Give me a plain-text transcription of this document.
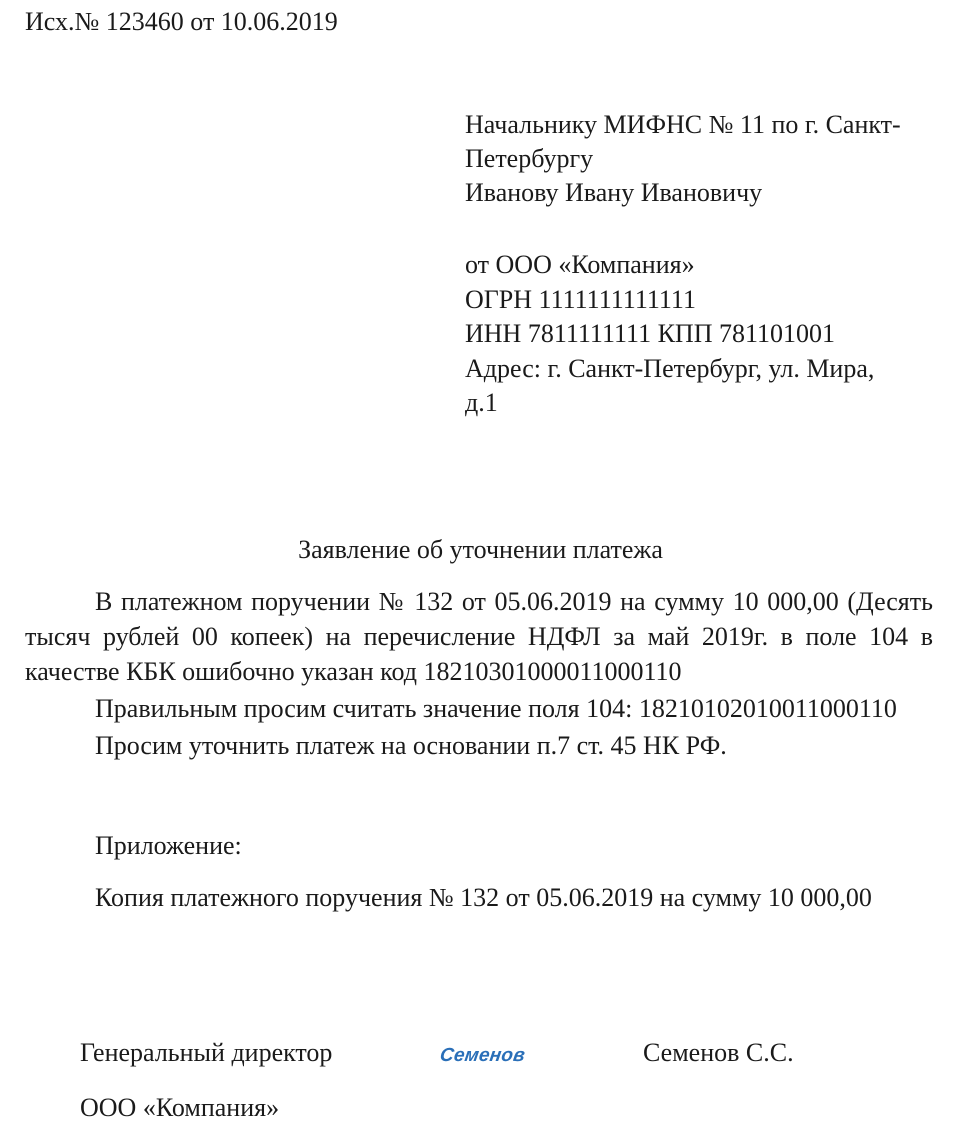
Исх.№ 123460 от 10.06.2019
Начальнику МИФНС № 11 по г. Санкт-
Петербургу
Иванову Ивану Ивановичу
от ООО «Компания»
ОГРН 1111111111111
ИНН 7811111111 КПП 781101001
Адрес: г. Санкт-Петербург, ул. Мира,
д.1
Заявление об уточнении платежа
В платежном поручении № 132 от 05.06.2019 на сумму 10 000,00 (Десять тысяч рублей 00 копеек) на перечисление НДФЛ за май 2019г. в поле 104 в качестве КБК ошибочно указан код 18210301000011000110
Правильным просим считать значение поля 104: 18210102010011000110
Просим уточнить платеж на основании п.7 ст. 45 НК РФ.
Приложение:
Копия платежного поручения № 132 от 05.06.2019 на сумму 10 000,00
Генеральный директор	Семенов	Семенов С.С.
ООО «Компания»
